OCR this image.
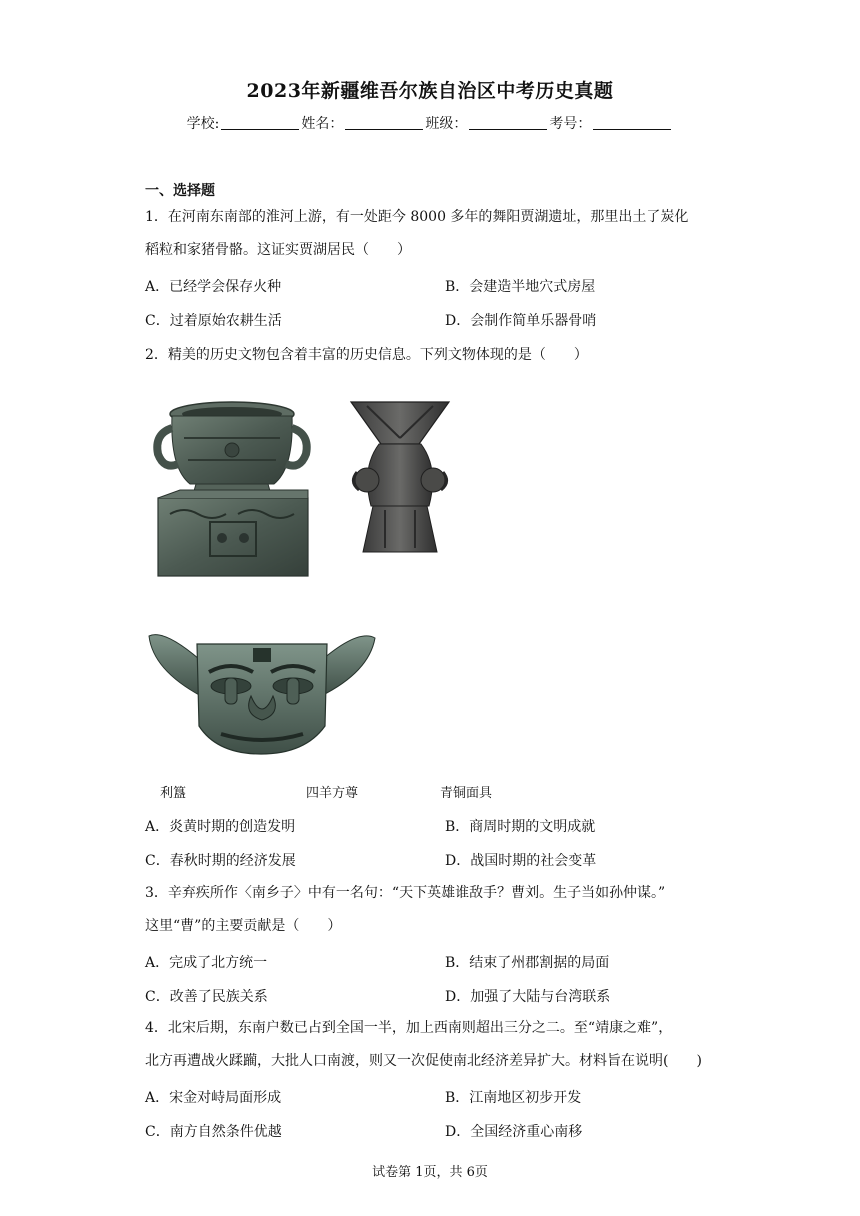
2023年新疆维吾尔族自治区中考历史真题
学校:	姓名：	班级：	考号：
一、选择题
1．在河南东南部的淮河上游，有一处距今 8000 多年的舞阳贾湖遗址，那里出土了炭化
稻粒和家猪骨骼。这证实贾湖居民（　　）
A．已经学会保存火种	B．会建造半地穴式房屋
C．过着原始农耕生活	D．会制作简单乐器骨哨
2．精美的历史文物包含着丰富的历史信息。下列文物体现的是（　　）
利簋	四羊方尊	青铜面具
A．炎黄时期的创造发明	B．商周时期的文明成就
C．春秋时期的经济发展	D．战国时期的社会变革
3．辛弃疾所作〈南乡子〉中有一名句：“天下英雄谁敌手？曹刘。生子当如孙仲谋。”
这里“曹”的主要贡献是（　　）
A．完成了北方统一	B．结束了州郡割据的局面
C．改善了民族关系	D．加强了大陆与台湾联系
4．北宋后期，东南户数已占到全国一半，加上西南则超出三分之二。至“靖康之难”，
北方再遭战火蹂躏，大批人口南渡，则又一次促使南北经济差异扩大。材料旨在说明(　　)
A．宋金对峙局面形成	B．江南地区初步开发
C．南方自然条件优越	D．全国经济重心南移
试卷第 1页，共 6页
